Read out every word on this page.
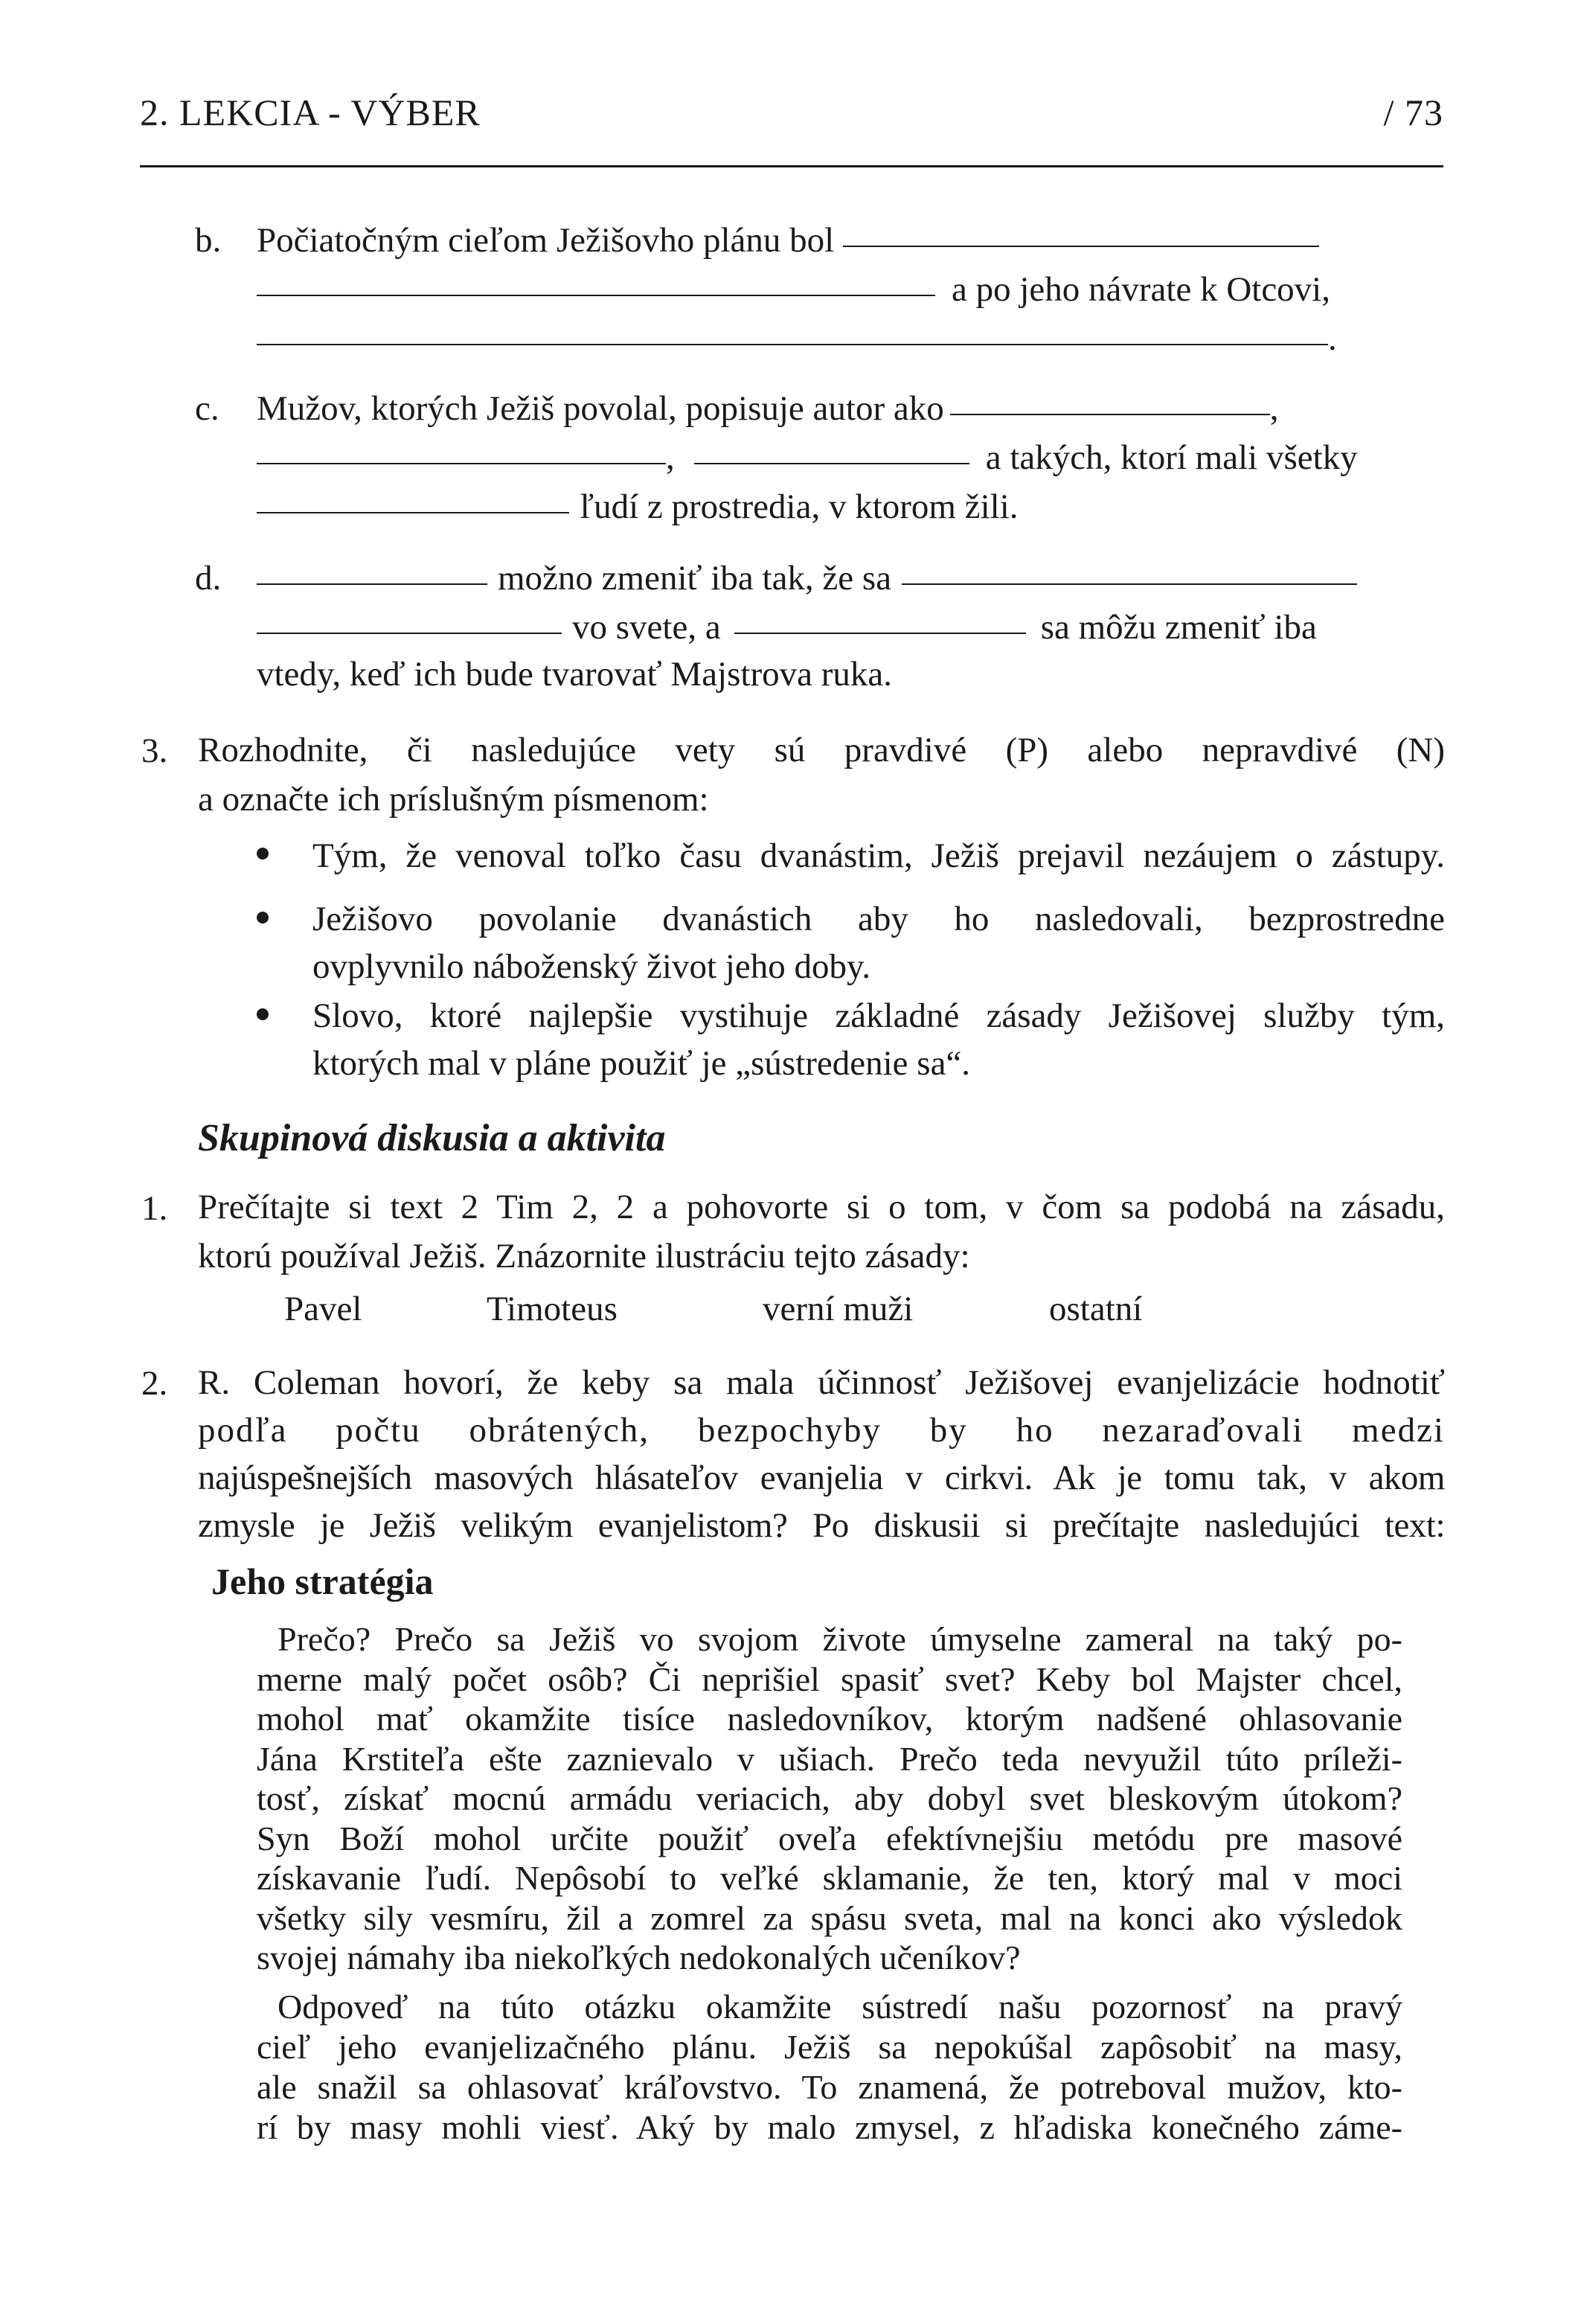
2. LEKCIA - VÝBER	/ 73
b. Počiatočným cieľom Ježišovho plánu bol
a po jeho návrate k Otcovi,
.
c. Mužov, ktorých Ježiš povolal, popisuje autor ako	,
,	a takých, ktorí mali všetky
ľudí z prostredia, v ktorom žili.
d.	možno zmeniť iba tak, že sa
vo svete, a	sa môžu zmeniť iba
vtedy, keď ich bude tvarovať Majstrova ruka.
3. Rozhodnite, či nasledujúce vety sú pravdivé (P) alebo nepravdivé (N)
a označte ich príslušným písmenom:
Tým, že venoval toľko času dvanástim, Ježiš prejavil nezáujem o zástupy.
Ježišovo povolanie dvanástich aby ho nasledovali, bezprostredne
ovplyvnilo náboženský život jeho doby.
Slovo, ktoré najlepšie vystihuje základné zásady Ježišovej služby tým,
ktorých mal v pláne použiť je „sústredenie sa“.
Skupinová diskusia a aktivita
1. Prečítajte si text 2 Tim 2, 2 a pohovorte si o tom, v čom sa podobá na zásadu,
ktorú používal Ježiš. Znázornite ilustráciu tejto zásady:
Pavel	Timoteus	verní muži	ostatní
2. R. Coleman hovorí, že keby sa mala účinnosť Ježišovej evanjelizácie hodnotiť
podľa počtu obrátených, bezpochyby by ho nezaraďovali medzi
najúspešnejších masových hlásateľov evanjelia v cirkvi. Ak je tomu tak, v akom
zmysle je Ježiš velikým evanjelistom? Po diskusii si prečítajte nasledujúci text:
Jeho stratégia
Prečo? Prečo sa Ježiš vo svojom živote úmyselne zameral na taký po-
merne malý počet osôb? Či neprišiel spasiť svet? Keby bol Majster chcel,
mohol mať okamžite tisíce nasledovníkov, ktorým nadšené ohlasovanie
Jána Krstiteľa ešte zaznievalo v ušiach. Prečo teda nevyužil túto príleži-
tosť, získať mocnú armádu veriacich, aby dobyl svet bleskovým útokom?
Syn Boží mohol určite použiť oveľa efektívnejšiu metódu pre masové
získavanie ľudí. Nepôsobí to veľké sklamanie, že ten, ktorý mal v moci
všetky sily vesmíru, žil a zomrel za spásu sveta, mal na konci ako výsledok
svojej námahy iba niekoľkých nedokonalých učeníkov?
Odpoveď na túto otázku okamžite sústredí našu pozornosť na pravý
cieľ jeho evanjelizačného plánu. Ježiš sa nepokúšal zapôsobiť na masy,
ale snažil sa ohlasovať kráľovstvo. To znamená, že potreboval mužov, kto-
rí by masy mohli viesť. Aký by malo zmysel, z hľadiska konečného záme-
